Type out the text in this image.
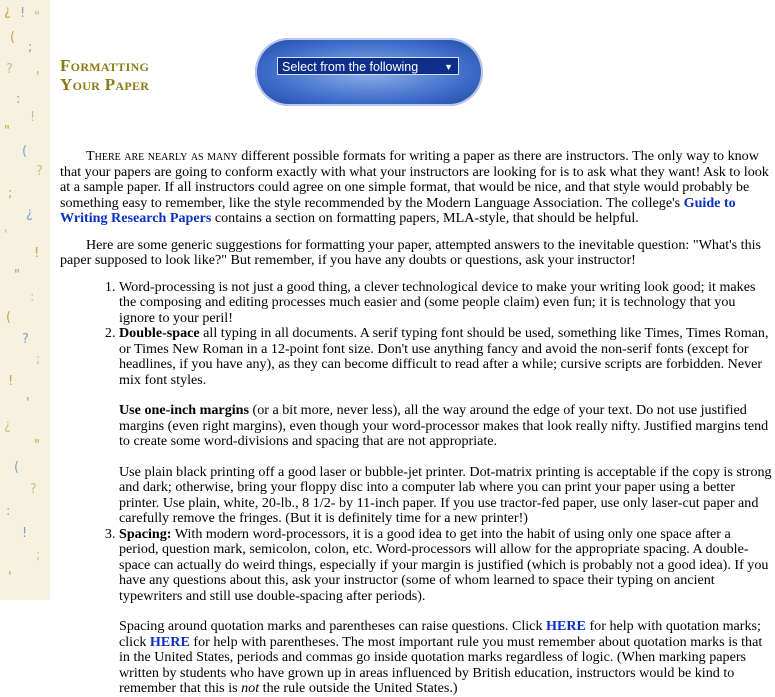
¿ ! "
(
;
?
'
:
!
"
(
?
;
¿
'
!
"
:
(
?
;
!
'
¿
"
(
?
:
!
;
'
Formatting
Your Paper
Select from the following	▼

There are nearly as many different possible formats for writing a paper as there are instructors. The only way to know that your papers are going to conform exactly with what your instructors are looking for is to ask what they want! Ask to look at a sample paper. If all instructors could agree on one simple format, that would be nice, and that style would probably be something easy to remember, like the style recommended by the Modern Language Association. The college's Guide to Writing Research Papers contains a section on formatting papers, MLA-style, that should be helpful.

Here are some generic suggestions for formatting your paper, attempted answers to the inevitable question: "What's this paper supposed to look like?" But remember, if you have any doubts or questions, ask your instructor!

1. Word-processing is not just a good thing, a clever technological device to make your writing look good; it makes the composing and editing processes much easier and (some people claim) even fun; it is technology that you ignore to your peril!
2. Double-space all typing in all documents. A serif typing font should be used, something like Times, Times Roman, or Times New Roman in a 12-point font size. Don't use anything fancy and avoid the non-serif fonts (except for headlines, if you have any), as they can become difficult to read after a while; cursive scripts are forbidden. Never mix font styles.
Use one-inch margins (or a bit more, never less), all the way around the edge of your text. Do not use justified margins (even right margins), even though your word-processor makes that look really nifty. Justified margins tend to create some word-divisions and spacing that are not appropriate.
Use plain black printing off a good laser or bubble-jet printer. Dot-matrix printing is acceptable if the copy is strong and dark; otherwise, bring your floppy disc into a computer lab where you can print your paper using a better printer. Use plain, white, 20-lb., 8 1/2- by 11-inch paper. If you use tractor-fed paper, use only laser-cut paper and carefully remove the fringes. (But it is definitely time for a new printer!)
3. Spacing: With modern word-processors, it is a good idea to get into the habit of using only one space after a period, question mark, semicolon, colon, etc. Word-processors will allow for the appropriate spacing. A double-space can actually do weird things, especially if your margin is justified (which is probably not a good idea). If you have any questions about this, ask your instructor (some of whom learned to space their typing on ancient typewriters and still use double-spacing after periods).
Spacing around quotation marks and parentheses can raise questions. Click HERE for help with quotation marks; click HERE for help with parentheses. The most important rule you must remember about quotation marks is that in the United States, periods and commas go inside quotation marks regardless of logic. (When marking papers written by students who have grown up in areas influenced by British education, instructors would be kind to remember that this is not the rule outside the United States.)
